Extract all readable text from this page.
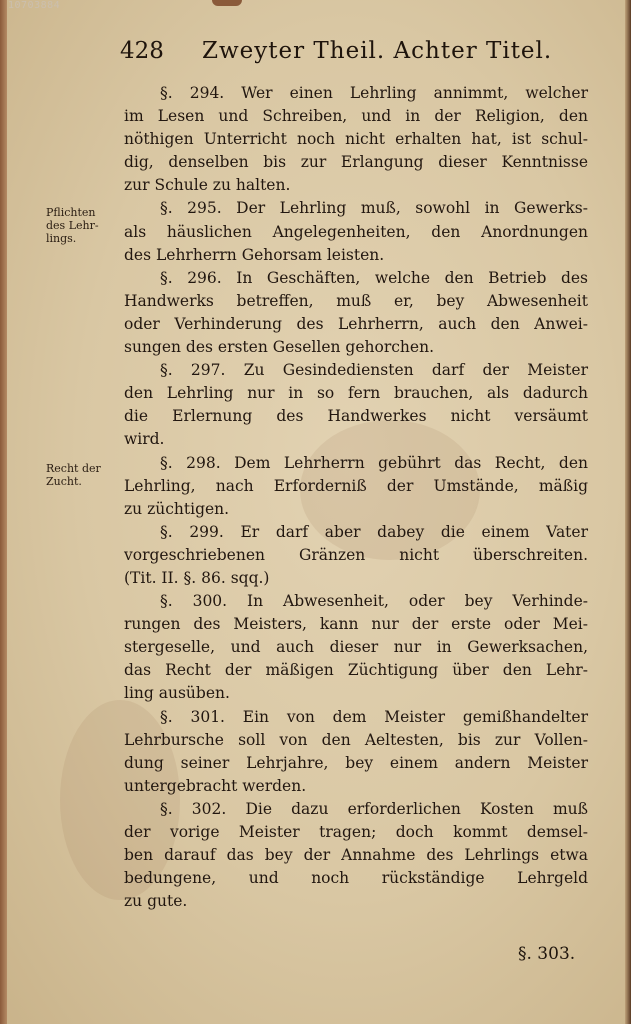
10703884
428 Zweyter Theil. Achter Titel.
Pflichten des Lehr-lings.
Recht der Zucht.
§. 294. Wer einen Lehrling annimmt, welcher
im Lesen und Schreiben, und in der Religion, den
nöthigen Unterricht noch nicht erhalten hat, ist schul-
dig, denselben bis zur Erlangung dieser Kenntnisse
zur Schule zu halten.
§. 295. Der Lehrling muß, sowohl in Gewerks-
als häuslichen Angelegenheiten, den Anordnungen
des Lehrherrn Gehorsam leisten.
§. 296. In Geschäften, welche den Betrieb des
Handwerks betreffen, muß er, bey Abwesenheit
oder Verhinderung des Lehrherrn, auch den Anwei-
sungen des ersten Gesellen gehorchen.
§. 297. Zu Gesindediensten darf der Meister
den Lehrling nur in so fern brauchen, als dadurch
die Erlernung des Handwerkes nicht versäumt
wird.
§. 298. Dem Lehrherrn gebührt das Recht, den
Lehrling, nach Erforderniß der Umstände, mäßig
zu züchtigen.
§. 299. Er darf aber dabey die einem Vater
vorgeschriebenen Gränzen nicht überschreiten.
(Tit. II. §. 86. sqq.)
§. 300. In Abwesenheit, oder bey Verhinde-
rungen des Meisters, kann nur der erste oder Mei-
stergeselle, und auch dieser nur in Gewerksachen,
das Recht der mäßigen Züchtigung über den Lehr-
ling ausüben.
§. 301. Ein von dem Meister gemißhandelter
Lehrbursche soll von den Aeltesten, bis zur Vollen-
dung seiner Lehrjahre, bey einem andern Meister
untergebracht werden.
§. 302. Die dazu erforderlichen Kosten muß
der vorige Meister tragen; doch kommt demsel-
ben darauf das bey der Annahme des Lehrlings etwa
bedungene, und noch rückständige Lehrgeld
zu gute.
§. 303.
